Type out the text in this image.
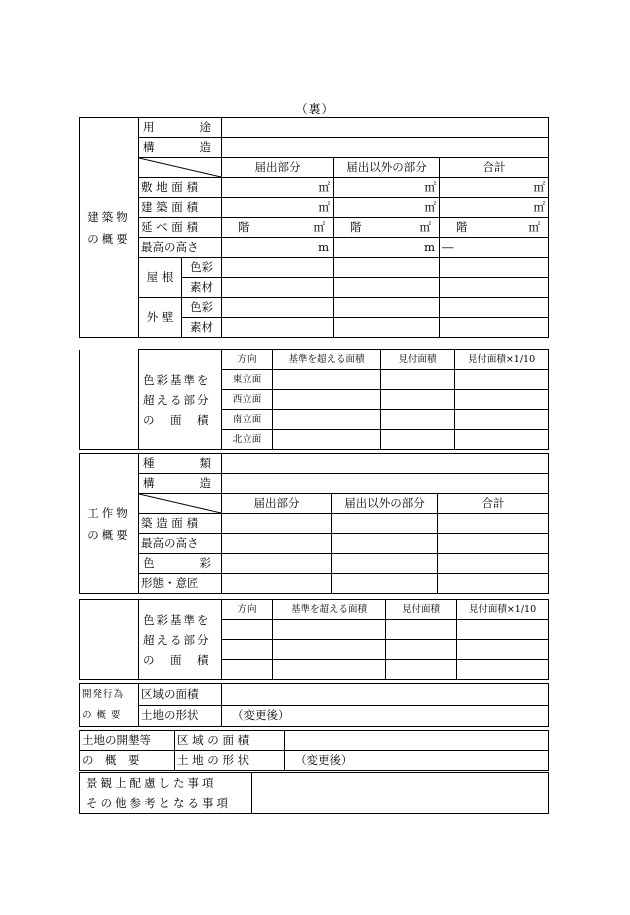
（裏）
建築物
の概要	用 途				

	構 造				

	届出部分	届出以外の部分	合計
	敷 地 面 積		㎡	㎡	㎡
	建 築 面 積		㎡	㎡	㎡
	延 べ 面 積		階 ㎡	階 ㎡	階 ㎡

	最高の高さ		m	m	―
	屋 根	色彩			
		素材			
	外 壁	色彩			
		素材			
	色彩基準を
超える部分
の　面　積	方向	基準を超える面積	見付面積	見付面積×1/10
		東立面			
		西立面			
		南立面			
		北立面			
工作物
の概要	種 類			

	構 造			

	届出部分	届出以外の部分	合計
	築 造 面 積			
	最高の高さ			

	色 彩			

	形態・意匠			
	色彩基準を
超える部分
の　面　積	方向	基準を超える面積	見付面積	見付面積×1/10

開発行為
の 概 要	区域の面積	
	土地の形状	（変更後）
土地の開墾等	区 域 の 面 積	
の　概　要	土 地 の 形 状	（変更後）
景観上配慮した事項
その他参考となる事項
